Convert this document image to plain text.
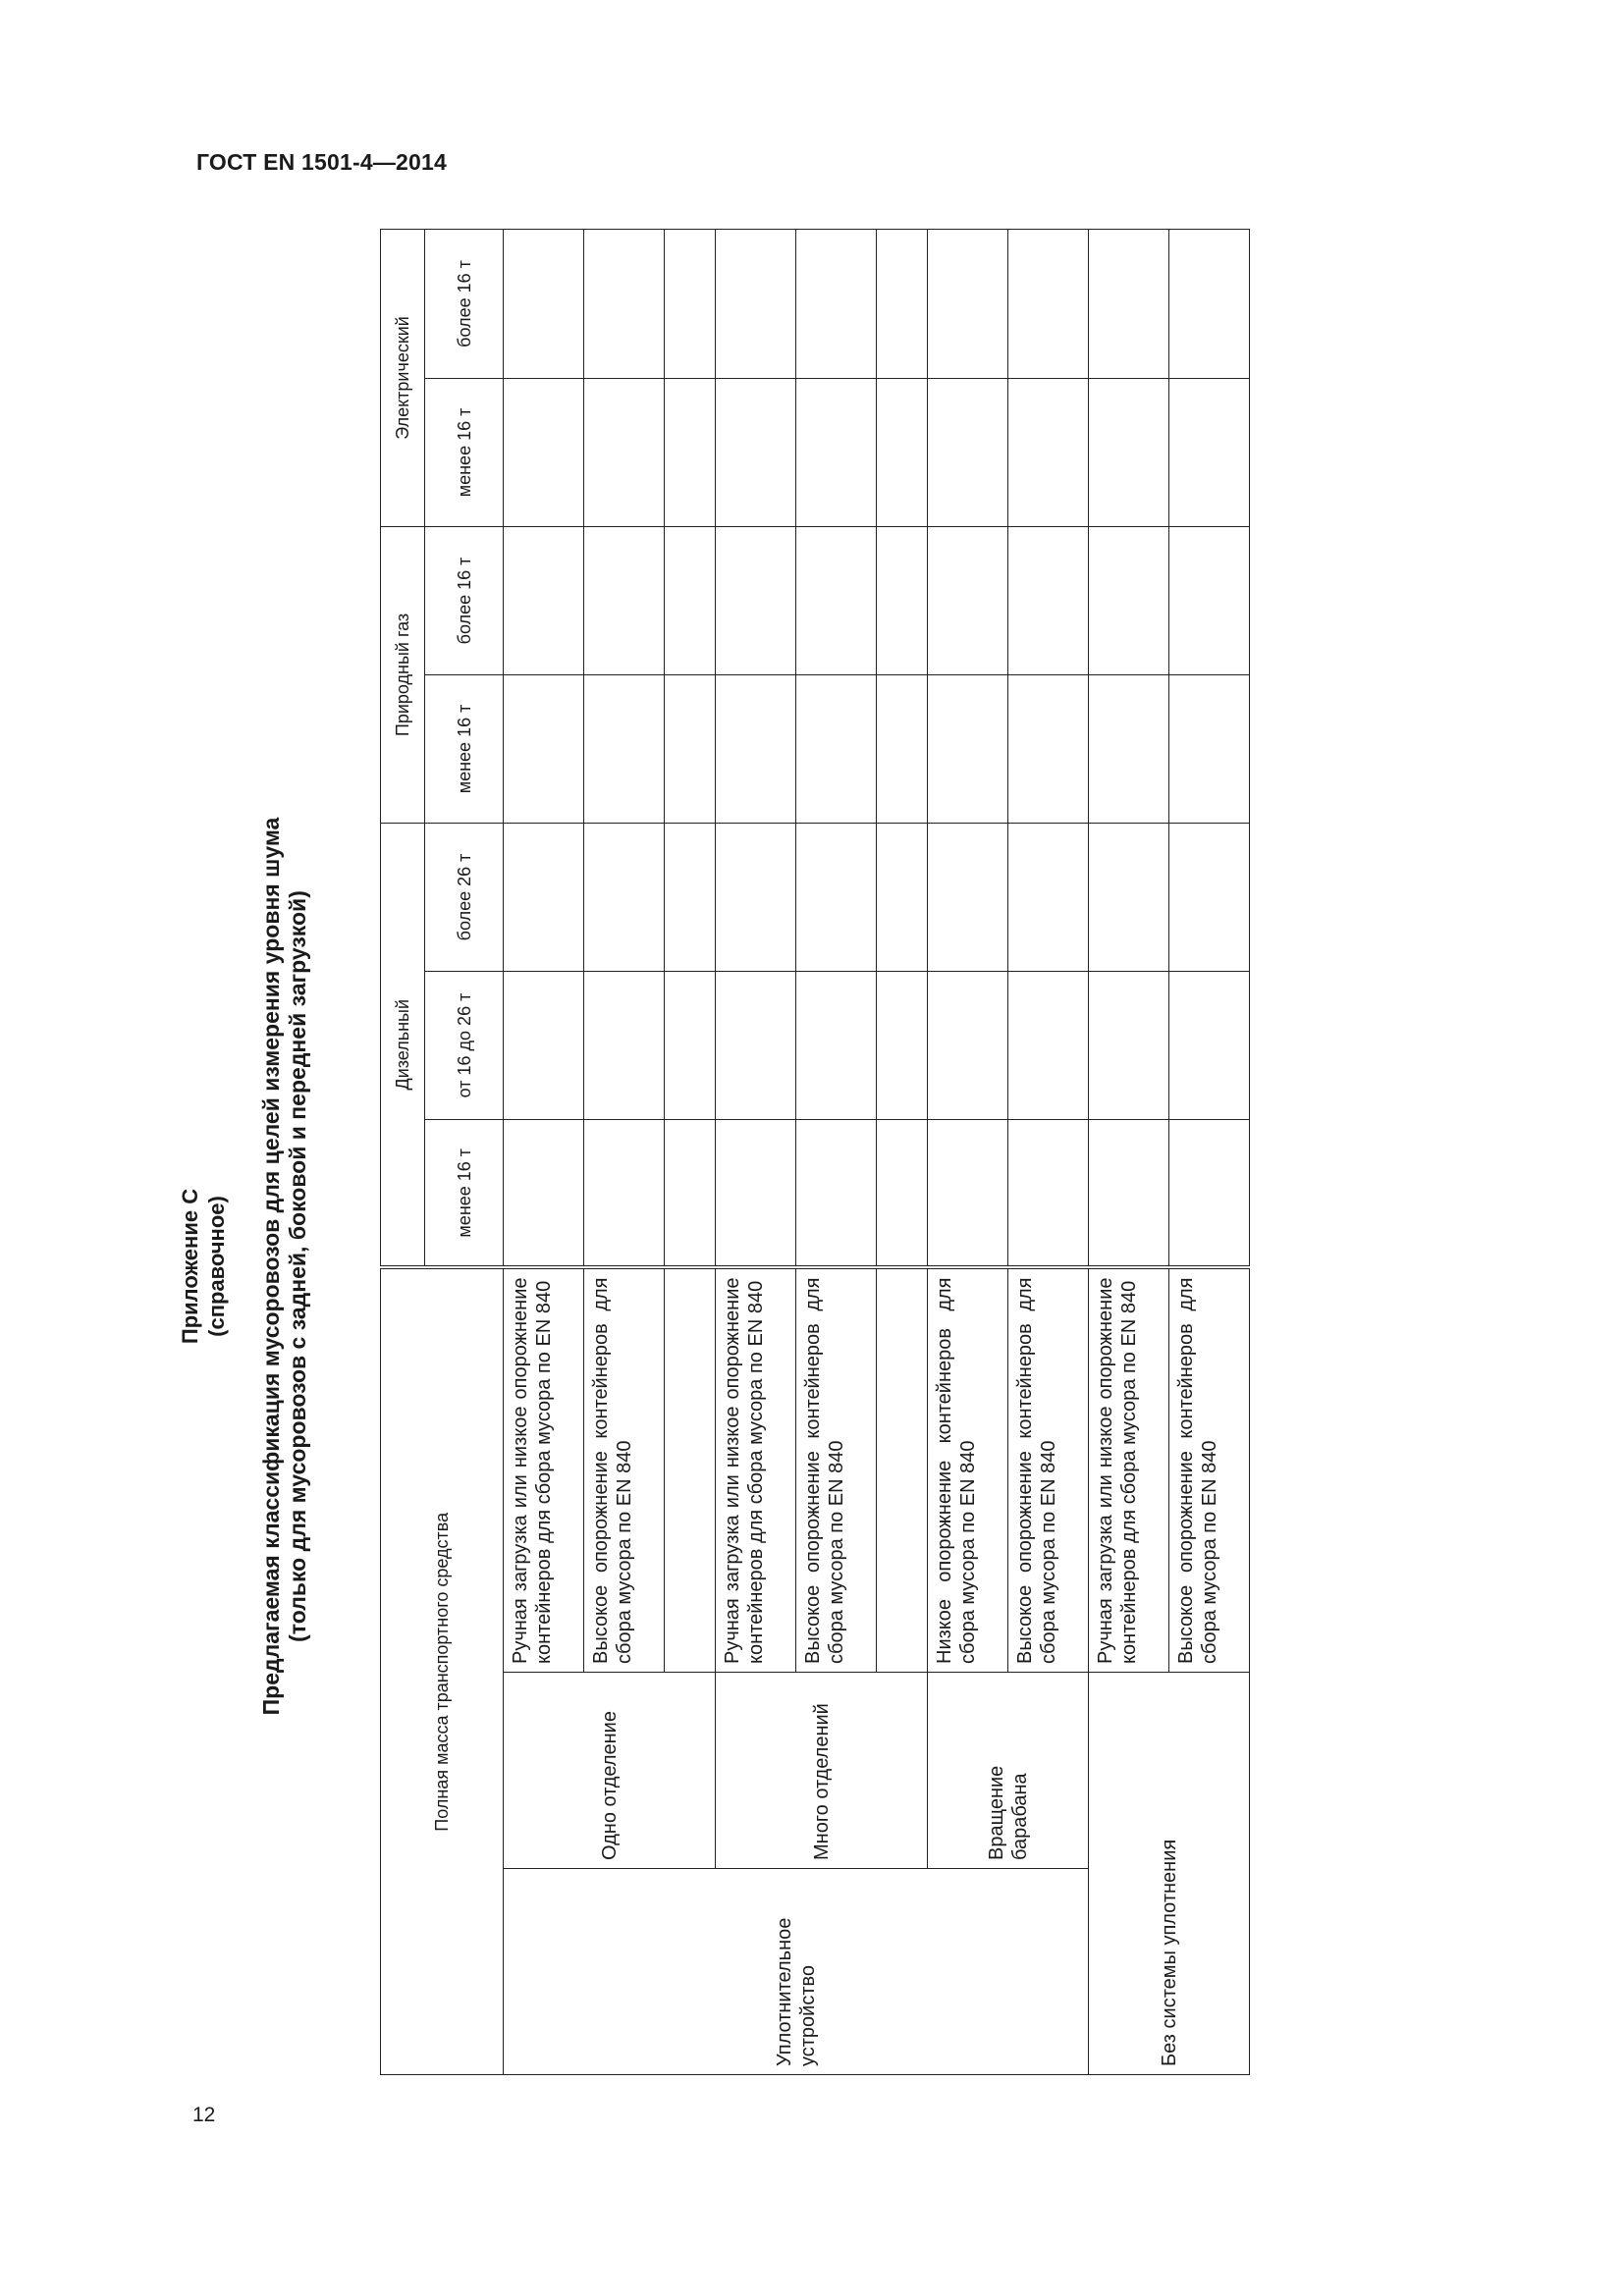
ГОСТ EN 1501-4—2014
Приложение С (справочное) Предлагаемая классификация мусоровозов для целей измерения уровня шума (только для мусоровозов с задней, боковой и передней загрузкой)
Полная масса транспортного средства			Дизельный			Природный газ		Электрический	
			менее 16 т	от 16 до 26 т	более 26 т	менее 16 т	более 16 т	менее 16 т	более 16 т
Уплотнительное устройство	Одно отделение	Ручная загрузка или низкое опорожнение контейнеров для сбора мусора по EN 840							
		Высокое опорожнение контейнеров для сбора мусора по EN 840							

	Много отделений	Ручная загрузка или низкое опорожнение контейнеров для сбора мусора по EN 840							
		Высокое опорожнение контейнеров для сбора мусора по EN 840							

	Вращение барабана	Низкое опорожнение контейнеров для сбора мусора по EN 840							
		Высокое опорожнение контейнеров для сбора мусора по EN 840							
Без системы уплотнения		Ручная загрузка или низкое опорожнение контейнеров для сбора мусора по EN 840							
		Высокое опорожнение контейнеров для сбора мусора по EN 840							
12
